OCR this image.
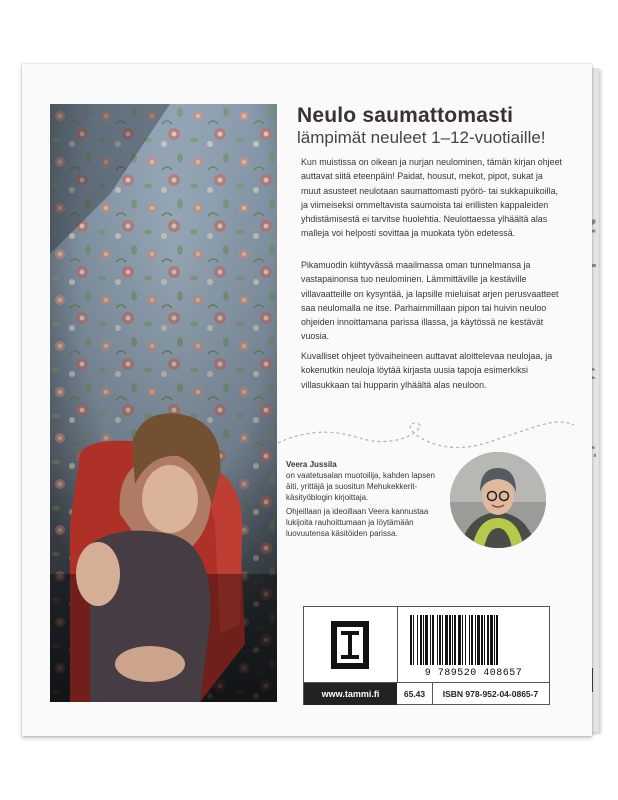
Neulo saumattomasti
lämpimät neuleet 1–12-vuotiaille!

Kun muistissa on oikean ja nurjan neulominen, tämän kirjan ohjeet auttavat siitä eteenpäin! Paidat, housut, mekot, pipot, sukat ja muut asusteet neulotaan saumattomasti pyörö- tai sukkapuikoilla, ja viimeiseksi ommeltavista saumoista tai erillisten kappaleiden yhdistämisestä ei tarvitse huolehtia. Neulottaessa ylhäältä alas malleja voi helposti sovittaa ja muokata työn edetessä.

Pikamuodin kiihtyvässä maailmassa oman tunnelmansa ja vastapainonsa tuo neulominen. Lämmittäville ja kestäville villavaatteille on kysyntää, ja lapsille mieluisat arjen perusvaatteet saa neulomalla ne itse. Parhaimmillaan pipon tai huivin neuloo ohjeiden innoittamana parissa illassa, ja käytössä ne kestävät vuosia.

Kuvalliset ohjeet työvaiheineen auttavat aloittelevaa neulojaa, ja kokenutkin neuloja löytää kirjasta uusia tapoja esimerkiksi villasukkaan tai hupparin ylhäältä alas neuloon.

Veera Jussila
on vaatetusalan muotoilija, kahden lapsen äiti, yrittäjä ja suositun Mehukekkerit-käsityöblogin kirjoittaja.
Ohjeillaan ja ideoillaan Veera kannustaa lukijoita rauhoittumaan ja löytämään luovuutensa käsitöiden parissa.
9 789520 408657
www.tammi.fi	65.43	ISBN 978-952-04-0865-7
